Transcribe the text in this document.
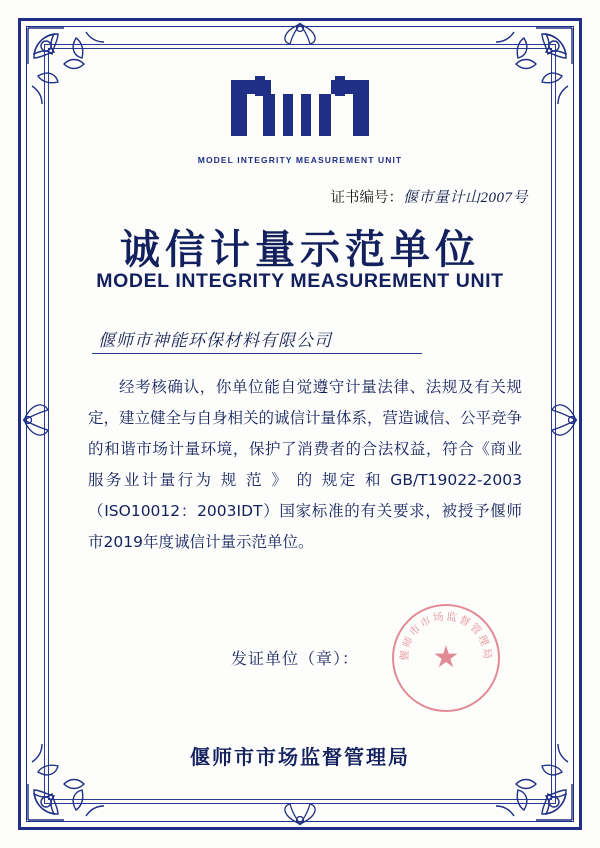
MODEL INTEGRITY MEASUREMENT UNIT
证书编号：偃市量计山2007号
诚信计量示范单位
MODEL INTEGRITY MEASUREMENT UNIT
偃师市神能环保材料有限公司

经考核确认，你单位能自觉遵守计量法律、法规及有关规定，建立健全与自身相关的诚信计量体系，营造诚信、公平竞争的和谐市场计量环境，保护了消费者的合法权益，符合《商业 服务业计量行为 规 范 》 的 规定 和 GB/T19022-2003（ISO10012：2003IDT）国家标准的有关要求，被授予偃师市2019年度诚信计量示范单位。

发证单位（章）：	偃师市市场监督管理局
★
偃师市市场监督管理局
